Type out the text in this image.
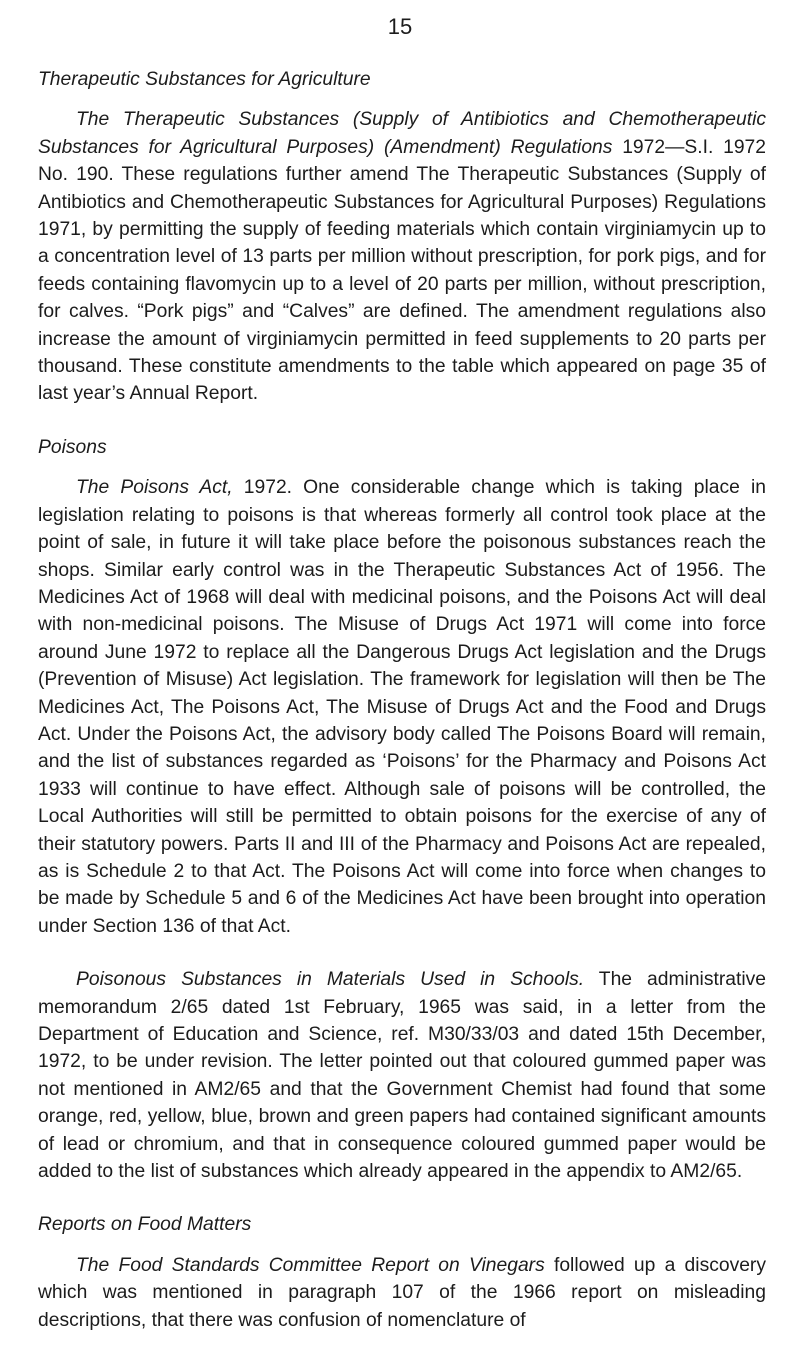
15
Therapeutic Substances for Agriculture

The Therapeutic Substances (Supply of Antibiotics and Chemotherapeutic Substances for Agricultural Purposes) (Amendment) Regulations 1972—S.I. 1972 No. 190. These regulations further amend The Therapeutic Substances (Supply of Antibiotics and Chemotherapeutic Substances for Agricultural Purposes) Regulations 1971, by permitting the supply of feeding materials which contain virginiamycin up to a concentration level of 13 parts per million without prescription, for pork pigs, and for feeds containing flavomycin up to a level of 20 parts per million, without prescription, for calves. “Pork pigs” and “Calves” are defined. The amendment regulations also increase the amount of virginiamycin permitted in feed supplements to 20 parts per thousand. These constitute amendments to the table which appeared on page 35 of last year’s Annual Report.

Poisons

The Poisons Act, 1972. One considerable change which is taking place in legislation relating to poisons is that whereas formerly all control took place at the point of sale, in future it will take place before the poisonous substances reach the shops. Similar early control was in the Therapeutic Substances Act of 1956. The Medicines Act of 1968 will deal with medicinal poisons, and the Poisons Act will deal with non-medicinal poisons. The Misuse of Drugs Act 1971 will come into force around June 1972 to replace all the Dangerous Drugs Act legislation and the Drugs (Prevention of Misuse) Act legislation. The framework for legislation will then be The Medicines Act, The Poisons Act, The Misuse of Drugs Act and the Food and Drugs Act. Under the Poisons Act, the advisory body called The Poisons Board will remain, and the list of substances regarded as ‘Poisons’ for the Pharmacy and Poisons Act 1933 will continue to have effect. Although sale of poisons will be controlled, the Local Authorities will still be permitted to obtain poisons for the exercise of any of their statutory powers. Parts II and III of the Pharmacy and Poisons Act are repealed, as is Schedule 2 to that Act. The Poisons Act will come into force when changes to be made by Schedule 5 and 6 of the Medicines Act have been brought into operation under Section 136 of that Act.

Poisonous Substances in Materials Used in Schools. The administrative memorandum 2/65 dated 1st February, 1965 was said, in a letter from the Department of Education and Science, ref. M30/33/03 and dated 15th December, 1972, to be under revision. The letter pointed out that coloured gummed paper was not mentioned in AM2/65 and that the Government Chemist had found that some orange, red, yellow, blue, brown and green papers had contained significant amounts of lead or chromium, and that in consequence coloured gummed paper would be added to the list of substances which already appeared in the appendix to AM2/65.

Reports on Food Matters

The Food Standards Committee Report on Vinegars followed up a discovery which was mentioned in paragraph 107 of the 1966 report on misleading descriptions, that there was confusion of nomenclature of
